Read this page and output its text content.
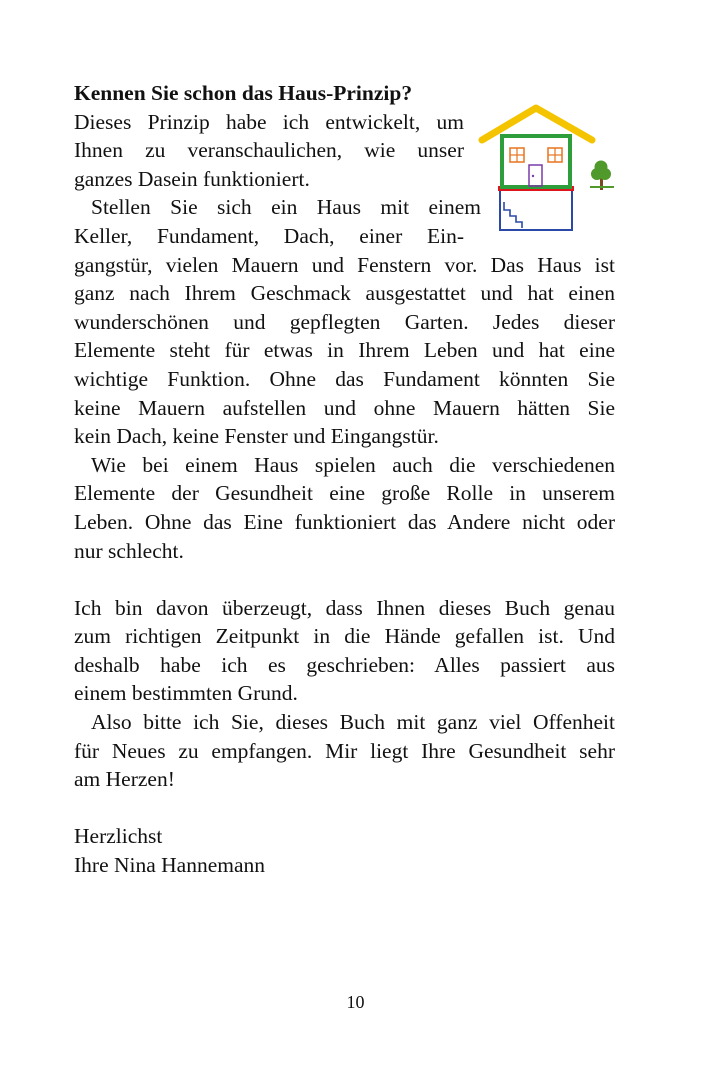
Kennen Sie schon das Haus-Prinzip?
Dieses Prinzip habe ich entwickelt, um
Ihnen zu veranschaulichen, wie unser
ganzes Dasein funktioniert.
Stellen Sie sich ein Haus mit einem
Keller, Fundament, Dach, einer Ein-
gangstür, vielen Mauern und Fenstern vor. Das Haus ist
ganz nach Ihrem Geschmack ausgestattet und hat einen
wunderschönen und gepflegten Garten. Jedes dieser
Elemente steht für etwas in Ihrem Leben und hat eine
wichtige Funktion. Ohne das Fundament könnten Sie
keine Mauern aufstellen und ohne Mauern hätten Sie
kein Dach, keine Fenster und Eingangstür.
Wie bei einem Haus spielen auch die verschiedenen
Elemente der Gesundheit eine große Rolle in unserem
Leben. Ohne das Eine funktioniert das Andere nicht oder
nur schlecht.
Ich bin davon überzeugt, dass Ihnen dieses Buch genau
zum richtigen Zeitpunkt in die Hände gefallen ist. Und
deshalb habe ich es geschrieben: Alles passiert aus
einem bestimmten Grund.
Also bitte ich Sie, dieses Buch mit ganz viel Offenheit
für Neues zu empfangen. Mir liegt Ihre Gesundheit sehr
am Herzen!
Herzlichst
Ihre Nina Hannemann
10
